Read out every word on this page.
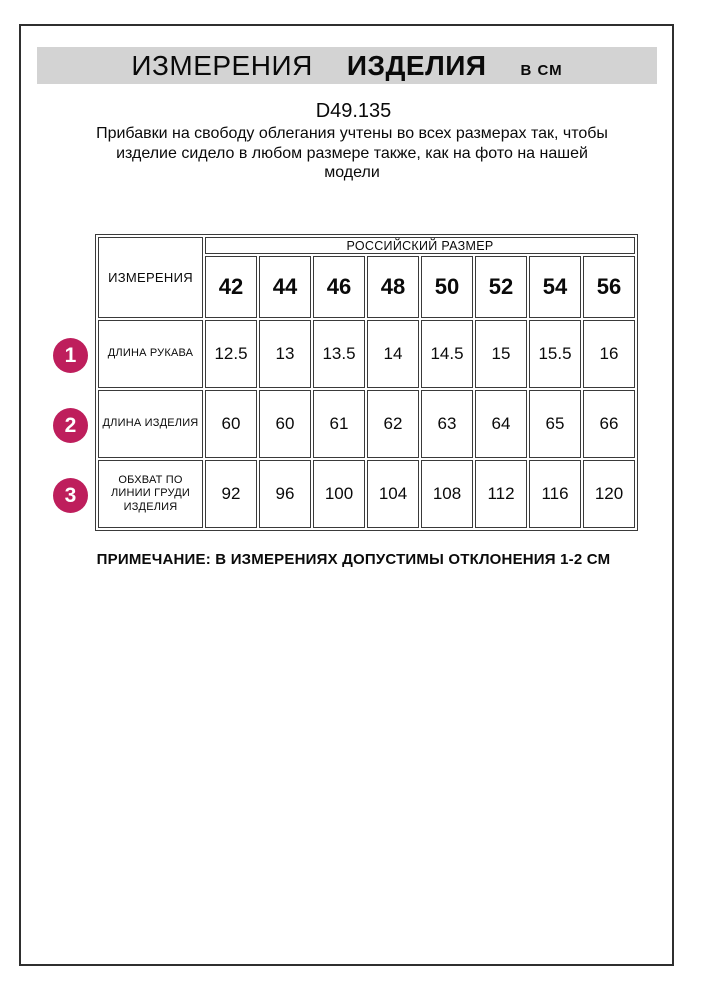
ИЗМЕРЕНИЯ ИЗДЕЛИЯ В СМ
D49.135
Прибавки на свободу облегания учтены во всех размерах так, чтобы изделие сидело в любом размере также, как на фото на нашей модели
ИЗМЕРЕНИЯ	РОССИЙСКИЙ РАЗМЕР							
	42	44	46	48	50	52	54	56
ДЛИНА РУКАВА	12.5	13	13.5	14	14.5	15	15.5	16
ДЛИНА ИЗДЕЛИЯ	60	60	61	62	63	64	65	66
ОБХВАТ ПО ЛИНИИ ГРУДИ ИЗДЕЛИЯ	92	96	100	104	108	112	116	120
1
2
3
ПРИМЕЧАНИЕ: В ИЗМЕРЕНИЯХ ДОПУСТИМЫ ОТКЛОНЕНИЯ 1-2 СМ
